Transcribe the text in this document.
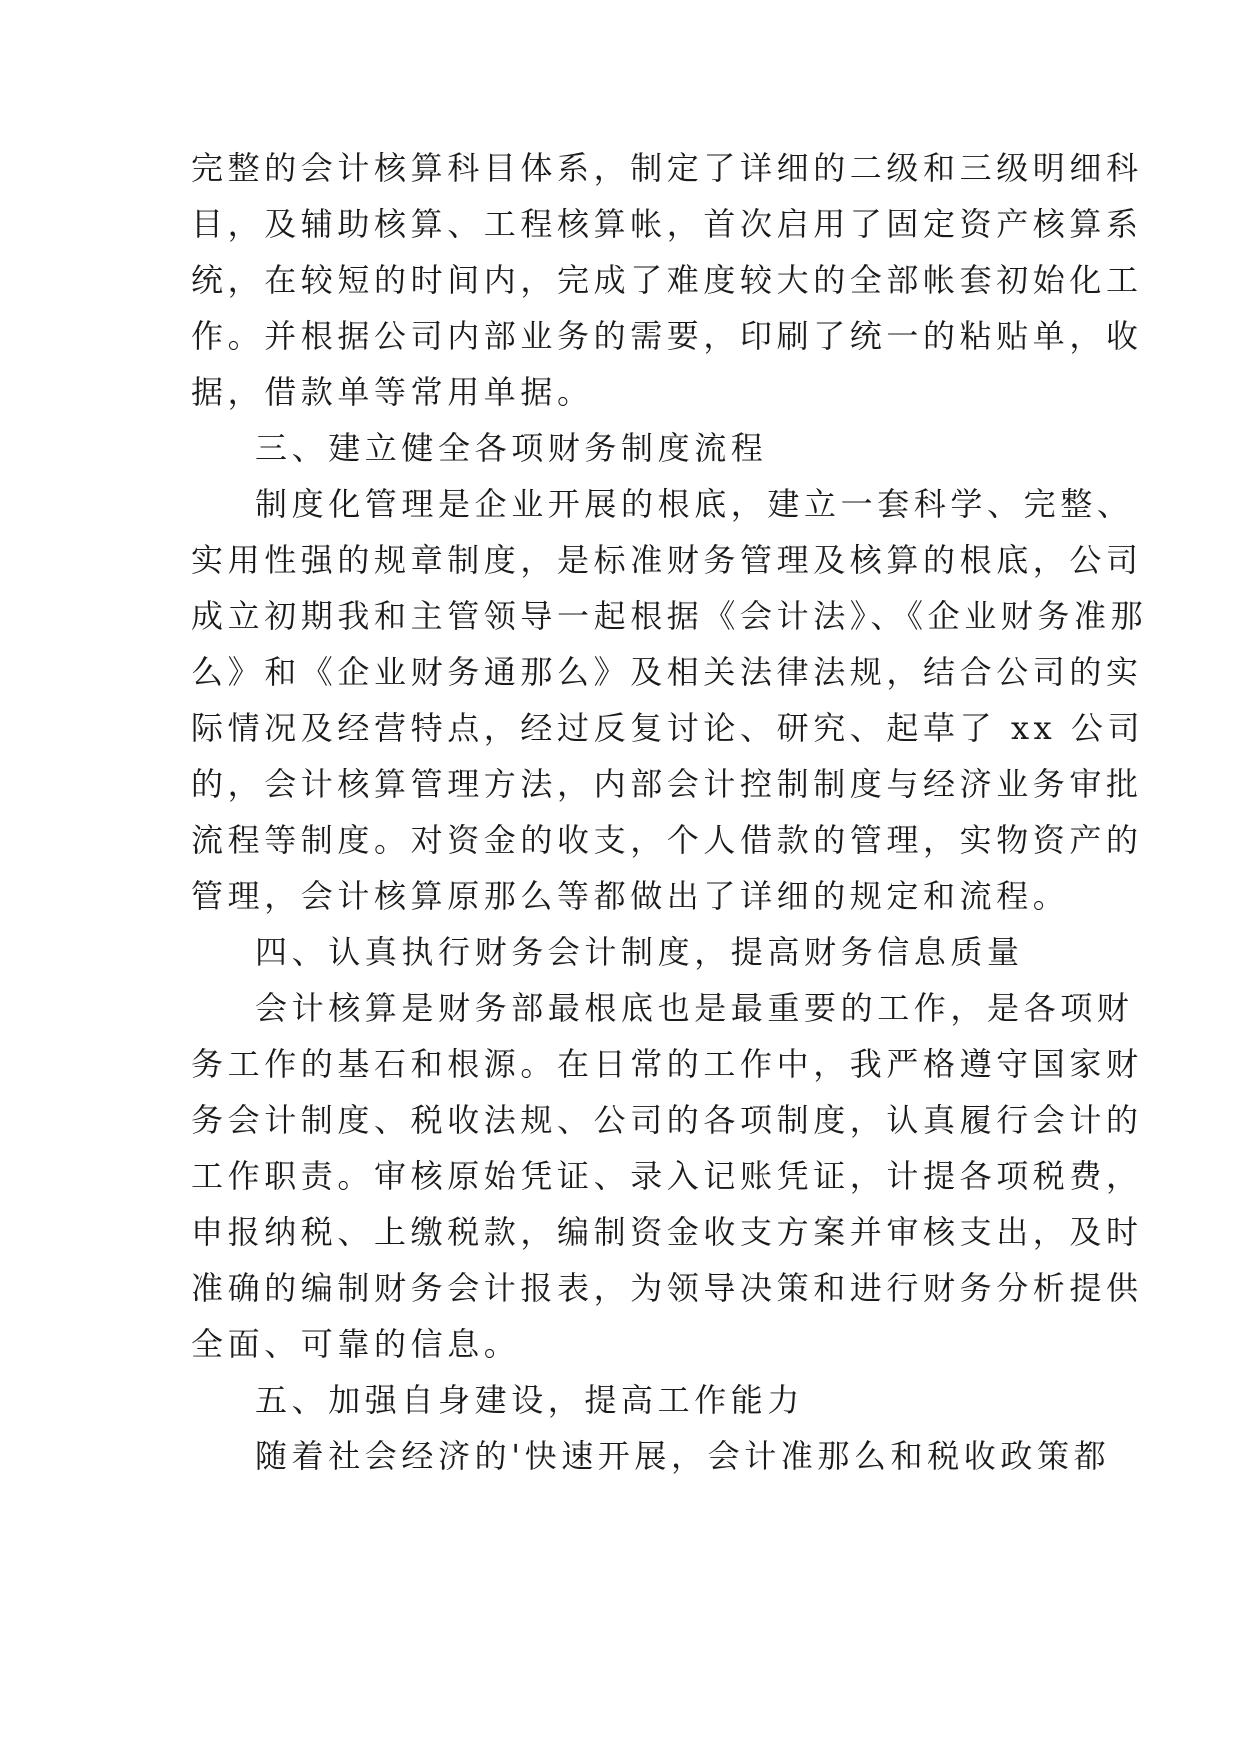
完整的会计核算科目体系，制定了详细的二级和三级明细科
目，及辅助核算、工程核算帐，首次启用了固定资产核算系
统，在较短的时间内，完成了难度较大的全部帐套初始化工
作。并根据公司内部业务的需要，印刷了统一的粘贴单，收
据，借款单等常用单据。
三、建立健全各项财务制度流程
制度化管理是企业开展的根底，建立一套科学、完整、
实用性强的规章制度，是标准财务管理及核算的根底，公司
成立初期我和主管领导一起根据《会计法》、《企业财务准那
么》和《企业财务通那么》及相关法律法规，结合公司的实
际情况及经营特点，经过反复讨论、研究、起草了 xx 公司
的，会计核算管理方法，内部会计控制制度与经济业务审批
流程等制度。对资金的收支，个人借款的管理，实物资产的
管理，会计核算原那么等都做出了详细的规定和流程。
四、认真执行财务会计制度，提高财务信息质量
会计核算是财务部最根底也是最重要的工作，是各项财
务工作的基石和根源。在日常的工作中，我严格遵守国家财
务会计制度、税收法规、公司的各项制度，认真履行会计的
工作职责。审核原始凭证、录入记账凭证，计提各项税费，
申报纳税、上缴税款，编制资金收支方案并审核支出，及时
准确的编制财务会计报表，为领导决策和进行财务分析提供
全面、可靠的信息。
五、加强自身建设，提高工作能力
随着社会经济的'快速开展，会计准那么和税收政策都
